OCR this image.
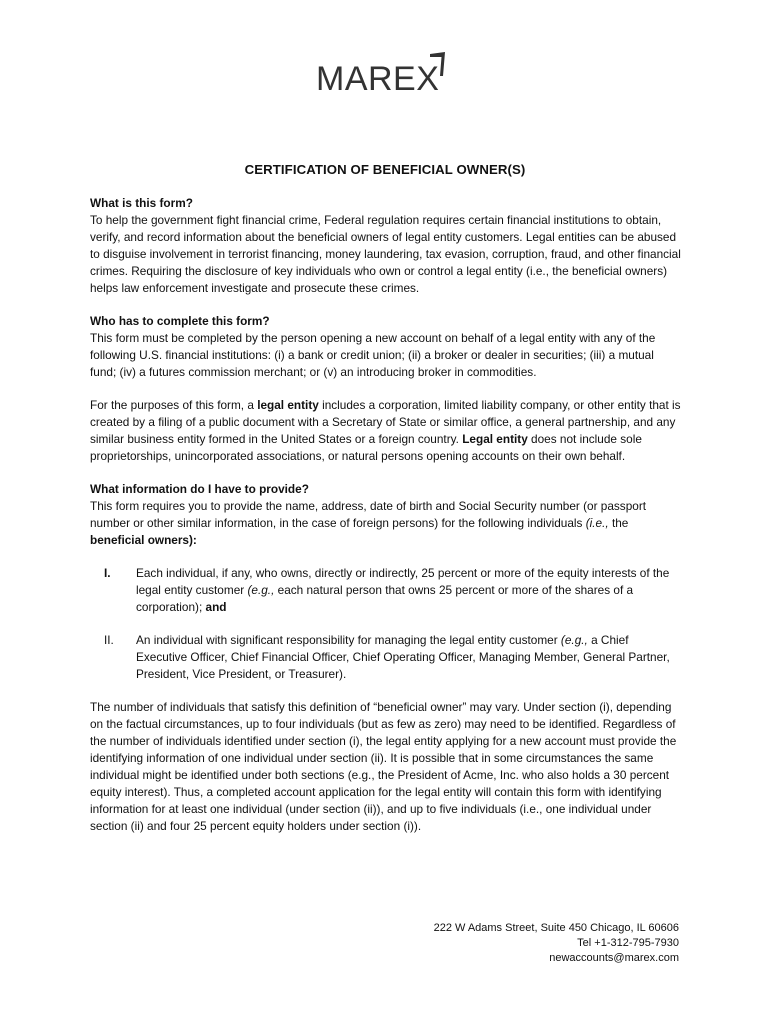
MAREX
CERTIFICATION OF BENEFICIAL OWNER(S)

What is this form?

To help the government fight financial crime, Federal regulation requires certain financial institutions to obtain, verify, and record information about the beneficial owners of legal entity customers. Legal entities can be abused to disguise involvement in terrorist financing, money laundering, tax evasion, corruption, fraud, and other financial crimes. Requiring the disclosure of key individuals who own or control a legal entity (i.e., the beneficial owners) helps law enforcement investigate and prosecute these crimes.

Who has to complete this form?

This form must be completed by the person opening a new account on behalf of a legal entity with any of the following U.S. financial institutions: (i) a bank or credit union; (ii) a broker or dealer in securities; (iii) a mutual fund; (iv) a futures commission merchant; or (v) an introducing broker in commodities.

For the purposes of this form, a legal entity includes a corporation, limited liability company, or other entity that is created by a filing of a public document with a Secretary of State or similar office, a general partnership, and any similar business entity formed in the United States or a foreign country. Legal entity does not include sole proprietorships, unincorporated associations, or natural persons opening accounts on their own behalf.

What information do I have to provide?

This form requires you to provide the name, address, date of birth and Social Security number (or passport number or other similar information, in the case of foreign persons) for the following individuals (i.e., the beneficial owners):

I. Each individual, if any, who owns, directly or indirectly, 25 percent or more of the equity interests of the legal entity customer (e.g., each natural person that owns 25 percent or more of the shares of a corporation); and
II. An individual with significant responsibility for managing the legal entity customer (e.g., a Chief Executive Officer, Chief Financial Officer, Chief Operating Officer, Managing Member, General Partner, President, Vice President, or Treasurer).

The number of individuals that satisfy this definition of “beneficial owner” may vary. Under section (i), depending on the factual circumstances, up to four individuals (but as few as zero) may need to be identified. Regardless of the number of individuals identified under section (i), the legal entity applying for a new account must provide the identifying information of one individual under section (ii). It is possible that in some circumstances the same individual might be identified under both sections (e.g., the President of Acme, Inc. who also holds a 30 percent equity interest). Thus, a completed account application for the legal entity will contain this form with identifying information for at least one individual (under section (ii)), and up to five individuals (i.e., one individual under section (ii) and four 25 percent equity holders under section (i)).

222 W Adams Street, Suite 450 Chicago, IL 60606
Tel +1-312-795-7930
newaccounts@marex.com
